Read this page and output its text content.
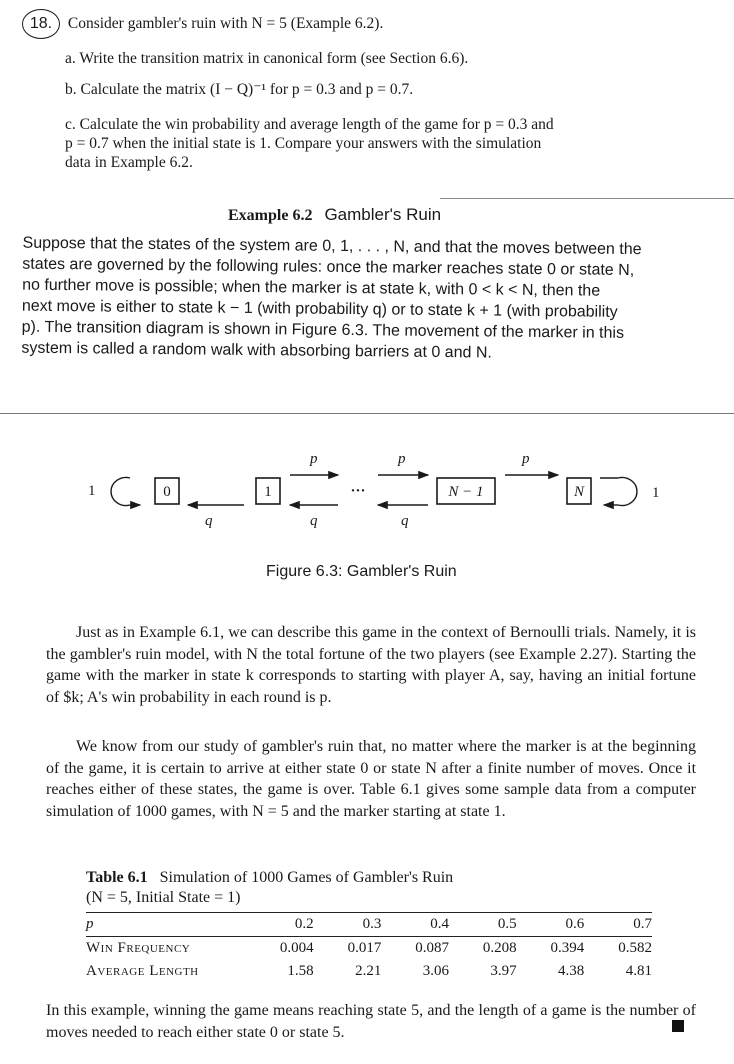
18. Consider gambler's ruin with N = 5 (Example 6.2).
a. Write the transition matrix in canonical form (see Section 6.6).
b. Calculate the matrix (I − Q)⁻¹ for p = 0.3 and p = 0.7.
c. Calculate the win probability and average length of the game for p = 0.3 and
p = 0.7 when the initial state is 1. Compare your answers with the simulation
data in Example 6.2.
Example 6.2 Gambler's Ruin
Suppose that the states of the system are 0, 1, . . . , N, and that the moves between the
states are governed by the following rules: once the marker reaches state 0 or state N,
no further move is possible; when the marker is at state k, with 0 < k < N, then the
next move is either to state k − 1 (with probability q) or to state k + 1 (with probability
p). The transition diagram is shown in Figure 6.3. The movement of the marker in this
system is called a random walk with absorbing barriers at 0 and N.
0	1	N − 1	N
···
1	1
p	p	p
q	q	q
Figure 6.3: Gambler's Ruin
Just as in Example 6.1, we can describe this game in the context of Bernoulli trials. Namely, it is the gambler's ruin model, with N the total fortune of the two players (see Example 2.27). Starting the game with the marker in state k corresponds to starting with player A, say, having an initial fortune of $k; A's win probability in each round is p.
We know from our study of gambler's ruin that, no matter where the marker is at the beginning of the game, it is certain to arrive at either state 0 or state N after a finite number of moves. Once it reaches either of these states, the game is over. Table 6.1 gives some sample data from a computer simulation of 1000 games, with N = 5 and the marker starting at state 1.
Table 6.1 Simulation of 1000 Games of Gambler's Ruin
(N = 5, Initial State = 1)
p	0.2	0.3	0.4	0.5	0.6	0.7
Win Frequency	0.004	0.017	0.087	0.208	0.394	0.582
Average Length	1.58	2.21	3.06	3.97	4.38	4.81
In this example, winning the game means reaching state 5, and the length of a game is the number of moves needed to reach either state 0 or state 5.
